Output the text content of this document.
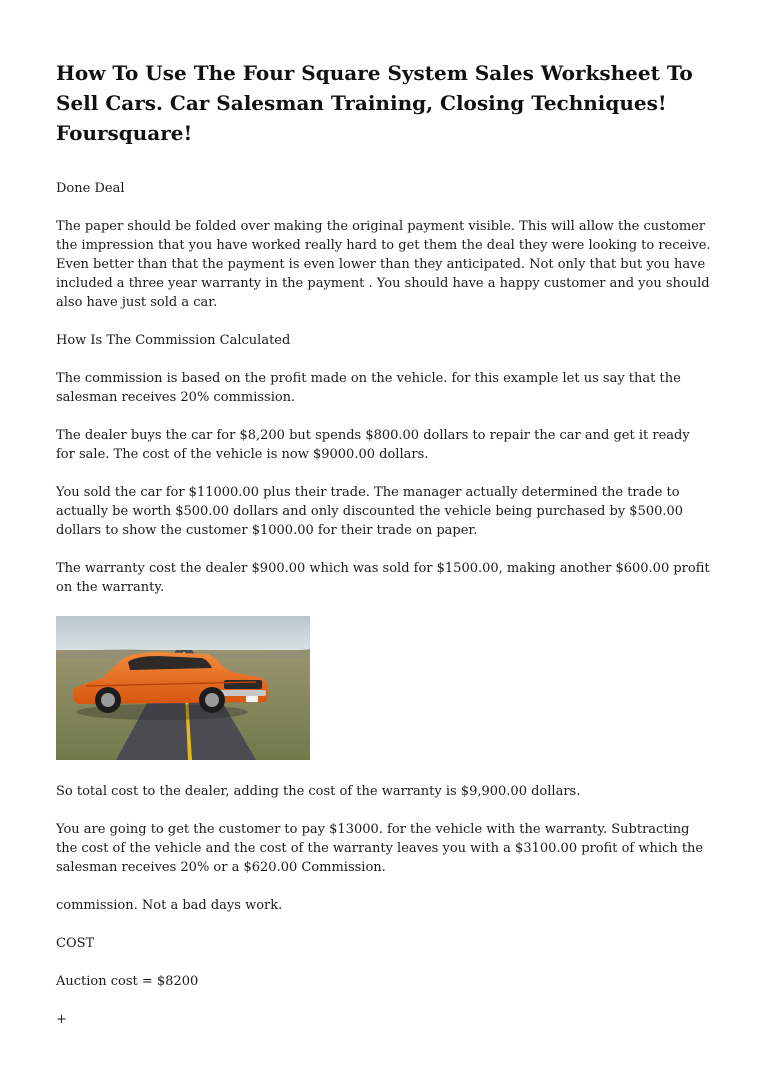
How To Use The Four Square System Sales Worksheet To Sell Cars. Car Salesman Training, Closing Techniques! Foursquare!

Done Deal

The paper should be folded over making the original payment visible. This will allow the customer the impression that you have worked really hard to get them the deal they were looking to receive. Even better than that the payment is even lower than they anticipated. Not only that but you have included a three year warranty in the payment . You should have a happy customer and you should also have just sold a car.

How Is The Commission Calculated

The commission is based on the profit made on the vehicle. for this example let us say that the salesman receives 20% commission.

The dealer buys the car for $8,200 but spends $800.00 dollars to repair the car and get it ready for sale. The cost of the vehicle is now $9000.00 dollars.

You sold the car for $11000.00 plus their trade. The manager actually determined the trade to actually be worth $500.00 dollars and only discounted the vehicle being purchased by $500.00 dollars to show the customer $1000.00 for their trade on paper.

The warranty cost the dealer $900.00 which was sold for $1500.00, making another $600.00 profit on the warranty.

So total cost to the dealer, adding the cost of the warranty is $9,900.00 dollars.

You are going to get the customer to pay $13000. for the vehicle with the warranty. Subtracting the cost of the vehicle and the cost of the warranty leaves you with a $3100.00 profit of which the salesman receives 20% or a $620.00 Commission.

commission. Not a bad days work.

COST

Auction cost = $8200

+
